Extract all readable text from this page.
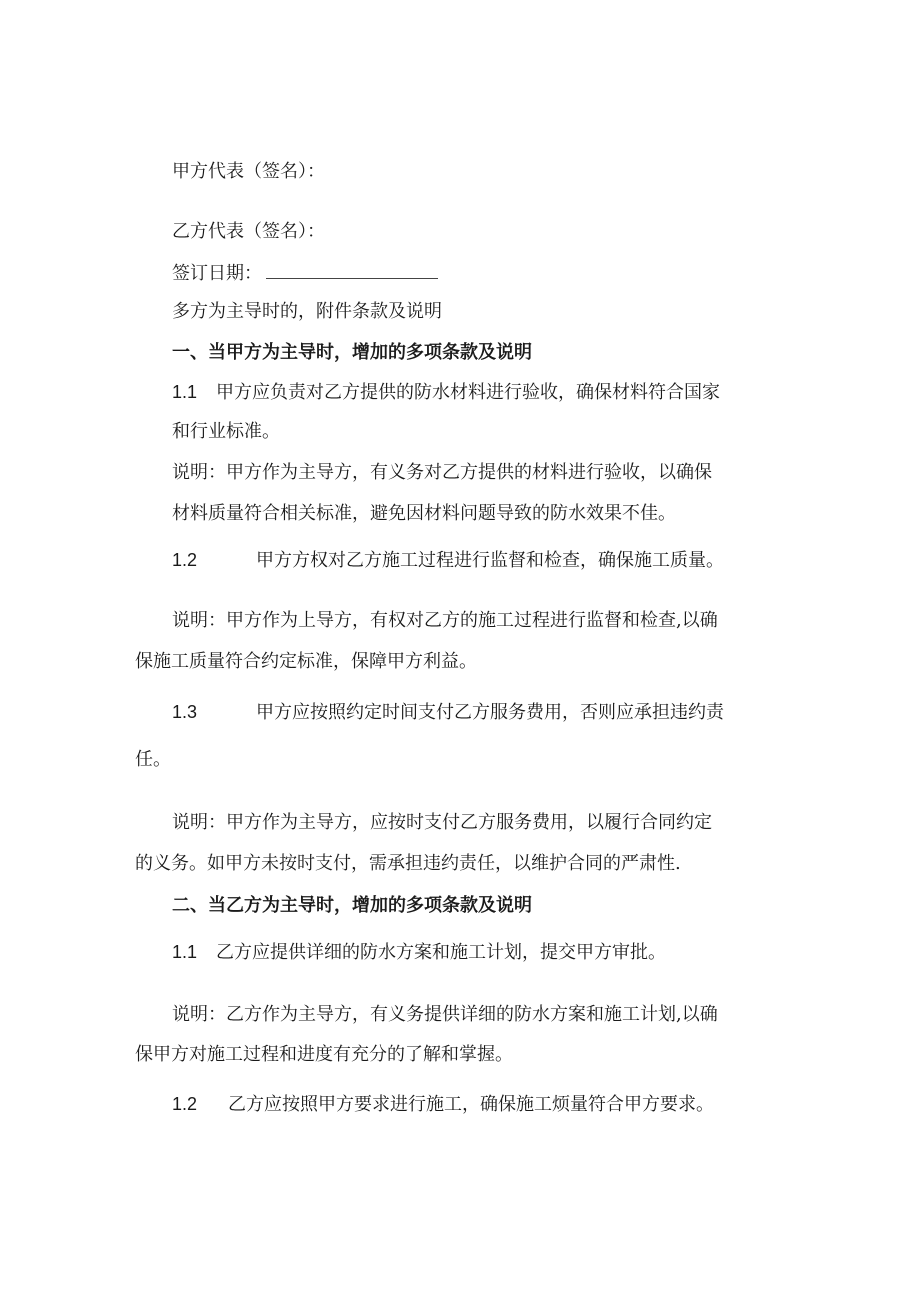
甲方代表（签名）：
乙方代表（签名）：
签订日期：
多方为主导时的，附件条款及说明
一、当甲方为主导时，增加的多项条款及说明
1.1 甲方应负责对乙方提供的防水材料进行验收，确保材料符合国家
和行业标准。
说明：甲方作为主导方，有义务对乙方提供的材料进行验收，以确保
材料质量符合相关标准，避免因材料问题导致的防水效果不佳。
1.2	甲方方权对乙方施工过程进行监督和检查，确保施工质量。
说明：甲方作为上导方，有权对乙方的施工过程进行监督和检查,以确
保施工质量符合约定标准，保障甲方利益。
1.3	甲方应按照约定时间支付乙方服务费用，否则应承担违约责
任。
说明：甲方作为主导方，应按时支付乙方服务费用，以履行合同约定
的义务。如甲方未按时支付，需承担违约责任，以维护合同的严肃性.
二、当乙方为主导时，增加的多项条款及说明
1.1 乙方应提供详细的防水方案和施工计划，提交甲方审批。
说明：乙方作为主导方，有义务提供详细的防水方案和施工计划,以确
保甲方对施工过程和进度有充分的了解和掌握。
1.2 乙方应按照甲方要求进行施工，确保施工烦量符合甲方要求。
